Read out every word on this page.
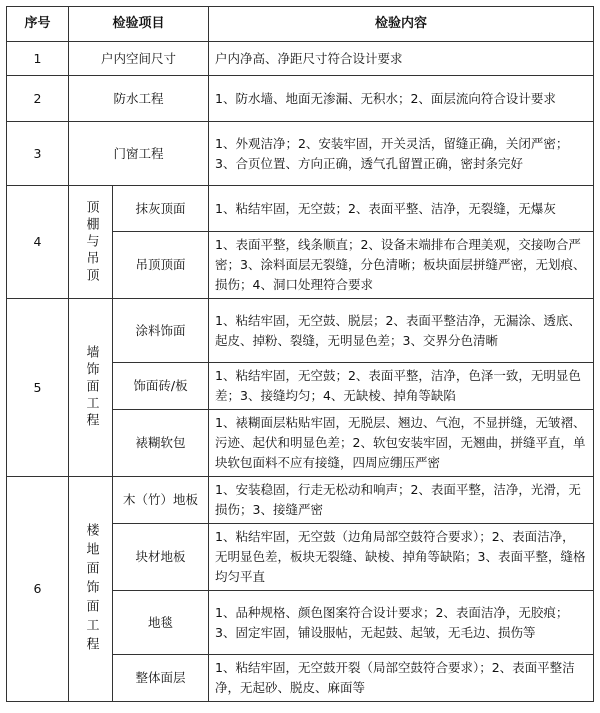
序号	检验项目		检验内容
1	户内空间尺寸		户内净高、净距尺寸符合设计要求
2	防水工程		1、防水墙、地面无渗漏、无积水；2、面层流向符合设计要求
3	门窗工程		1、外观洁净；2、安装牢固，开关灵活，留缝正确，关闭严密；3、合页位置、方向正确，透气孔留置正确，密封条完好
4	顶棚与吊顶	抹灰顶面	1、粘结牢固，无空鼓；2、表面平整、洁净，无裂缝，无爆灰
		吊顶顶面	1、表面平整，线条顺直；2、设备末端排布合理美观，交接吻合严密；3、涂料面层无裂缝，分色清晰；板块面层拼缝严密，无划痕、损伤；4、洞口处理符合要求
5	墙饰面工程	涂料饰面	1、粘结牢固，无空鼓、脱层；2、表面平整洁净，无漏涂、透底、起皮、掉粉、裂缝，无明显色差；3、交界分色清晰
		饰面砖/板	1、粘结牢固，无空鼓；2、表面平整，洁净，色泽一致，无明显色差；3、接缝均匀；4、无缺棱、掉角等缺陷
		裱糊软包	1、裱糊面层粘贴牢固，无脱层、翘边、气泡，不显拼缝，无皱褶、污迹、起伏和明显色差；2、软包安装牢固，无翘曲，拼缝平直，单块软包面料不应有接缝，四周应绷压严密
6	楼地面饰面工程	木（竹）地板	1、安装稳固，行走无松动和响声；2、表面平整，洁净，光滑，无损伤；3、接缝严密
		块材地板	1、粘结牢固，无空鼓（边角局部空鼓符合要求）；2、表面洁净，无明显色差，板块无裂缝、缺棱、掉角等缺陷；3、表面平整，缝格均匀平直
		地毯	1、品种规格、颜色图案符合设计要求；2、表面洁净，无胶痕；3、固定牢固，铺设服帖，无起鼓、起皱，无毛边、损伤等
		整体面层	1、粘结牢固，无空鼓开裂（局部空鼓符合要求）；2、表面平整洁净，无起砂、脱皮、麻面等
